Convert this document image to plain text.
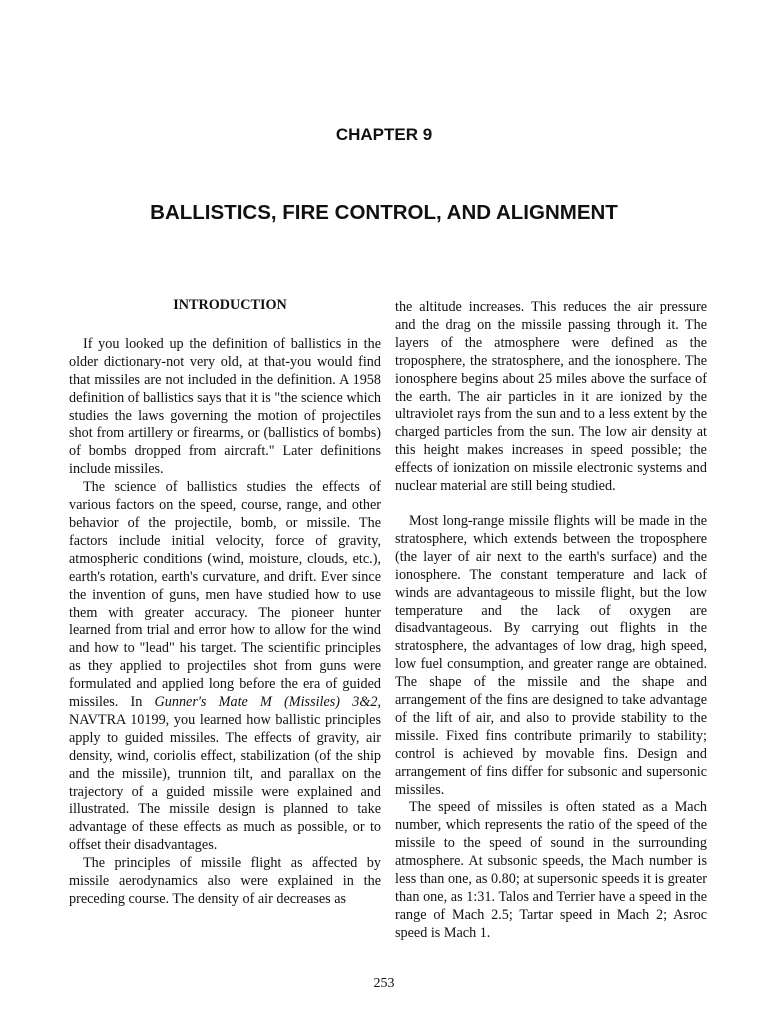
CHAPTER 9
BALLISTICS, FIRE CONTROL, AND ALIGNMENT
INTRODUCTION

If you looked up the definition of ballistics in the older dictionary-not very old, at that-you would find that missiles are not included in the definition. A 1958 definition of ballistics says that it is "the science which studies the laws governing the motion of projectiles shot from artillery or firearms, or (ballistics of bombs) of bombs dropped from aircraft." Later definitions include missiles.

The science of ballistics studies the effects of various factors on the speed, course, range, and other behavior of the projectile, bomb, or missile. The factors include initial velocity, force of gravity, atmospheric conditions (wind, moisture, clouds, etc.), earth's rotation, earth's curvature, and drift. Ever since the invention of guns, men have studied how to use them with greater accuracy. The pioneer hunter learned from trial and error how to allow for the wind and how to "lead" his target. The scientific principles as they applied to projectiles shot from guns were formulated and applied long before the era of guided missiles. In Gunner's Mate M (Missiles) 3&2, NAVTRA 10199, you learned how ballistic principles apply to guided missiles. The effects of gravity, air density, wind, coriolis effect, stabilization (of the ship and the missile), trunnion tilt, and parallax on the trajectory of a guided missile were explained and illustrated. The missile design is planned to take advantage of these effects as much as possible, or to offset their disadvantages.

The principles of missile flight as affected by missile aerodynamics also were explained in the preceding course. The density of air decreases as

the altitude increases. This reduces the air pressure and the drag on the missile passing through it. The layers of the atmosphere were defined as the troposphere, the stratosphere, and the ionosphere. The ionosphere begins about 25 miles above the surface of the earth. The air particles in it are ionized by the ultraviolet rays from the sun and to a less extent by the charged particles from the sun. The low air density at this height makes increases in speed possible; the effects of ionization on missile electronic systems and nuclear material are still being studied.

Most long-range missile flights will be made in the stratosphere, which extends between the troposphere (the layer of air next to the earth's surface) and the ionosphere. The constant temperature and lack of winds are advantageous to missile flight, but the low temperature and the lack of oxygen are disadvantageous. By carrying out flights in the stratosphere, the advantages of low drag, high speed, low fuel consumption, and greater range are obtained. The shape of the missile and the shape and arrangement of the fins are designed to take advantage of the lift of air, and also to provide stability to the missile. Fixed fins contribute primarily to stability; control is achieved by movable fins. Design and arrangement of fins differ for subsonic and supersonic missiles.

The speed of missiles is often stated as a Mach number, which represents the ratio of the speed of the missile to the speed of sound in the surrounding atmosphere. At subsonic speeds, the Mach number is less than one, as 0.80; at supersonic speeds it is greater than one, as 1:31. Talos and Terrier have a speed in the range of Mach 2.5; Tartar speed in Mach 2; Asroc speed is Mach 1.

253
